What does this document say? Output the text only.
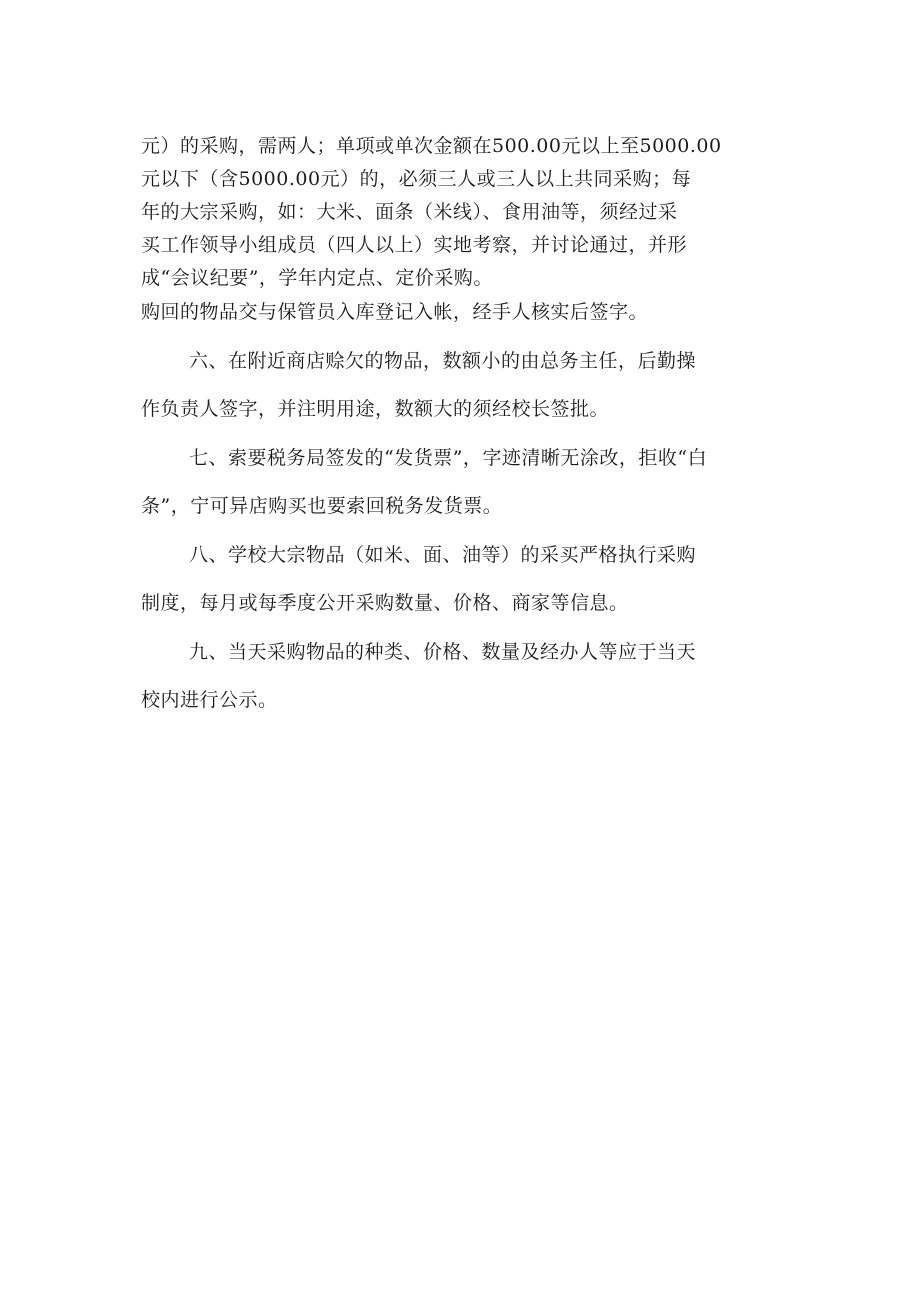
元）的采购，需两人；单项或单次金额在500.00元以上至5000.00
元以下（含5000.00元）的，必须三人或三人以上共同采购；每
年的大宗采购，如：大米、面条（米线）、食用油等，须经过采
买工作领导小组成员（四人以上）实地考察，并讨论通过，并形
成“会议纪要”，学年内定点、定价采购。
购回的物品交与保管员入库登记入帐，经手人核实后签字。
六、在附近商店赊欠的物品，数额小的由总务主任，后勤操
作负责人签字，并注明用途，数额大的须经校长签批。
七、索要税务局签发的“发货票”，字迹清晰无涂改，拒收“白
条”，宁可异店购买也要索回税务发货票。
八、学校大宗物品（如米、面、油等）的采买严格执行采购
制度，每月或每季度公开采购数量、价格、商家等信息。
九、当天采购物品的种类、价格、数量及经办人等应于当天
校内进行公示。
